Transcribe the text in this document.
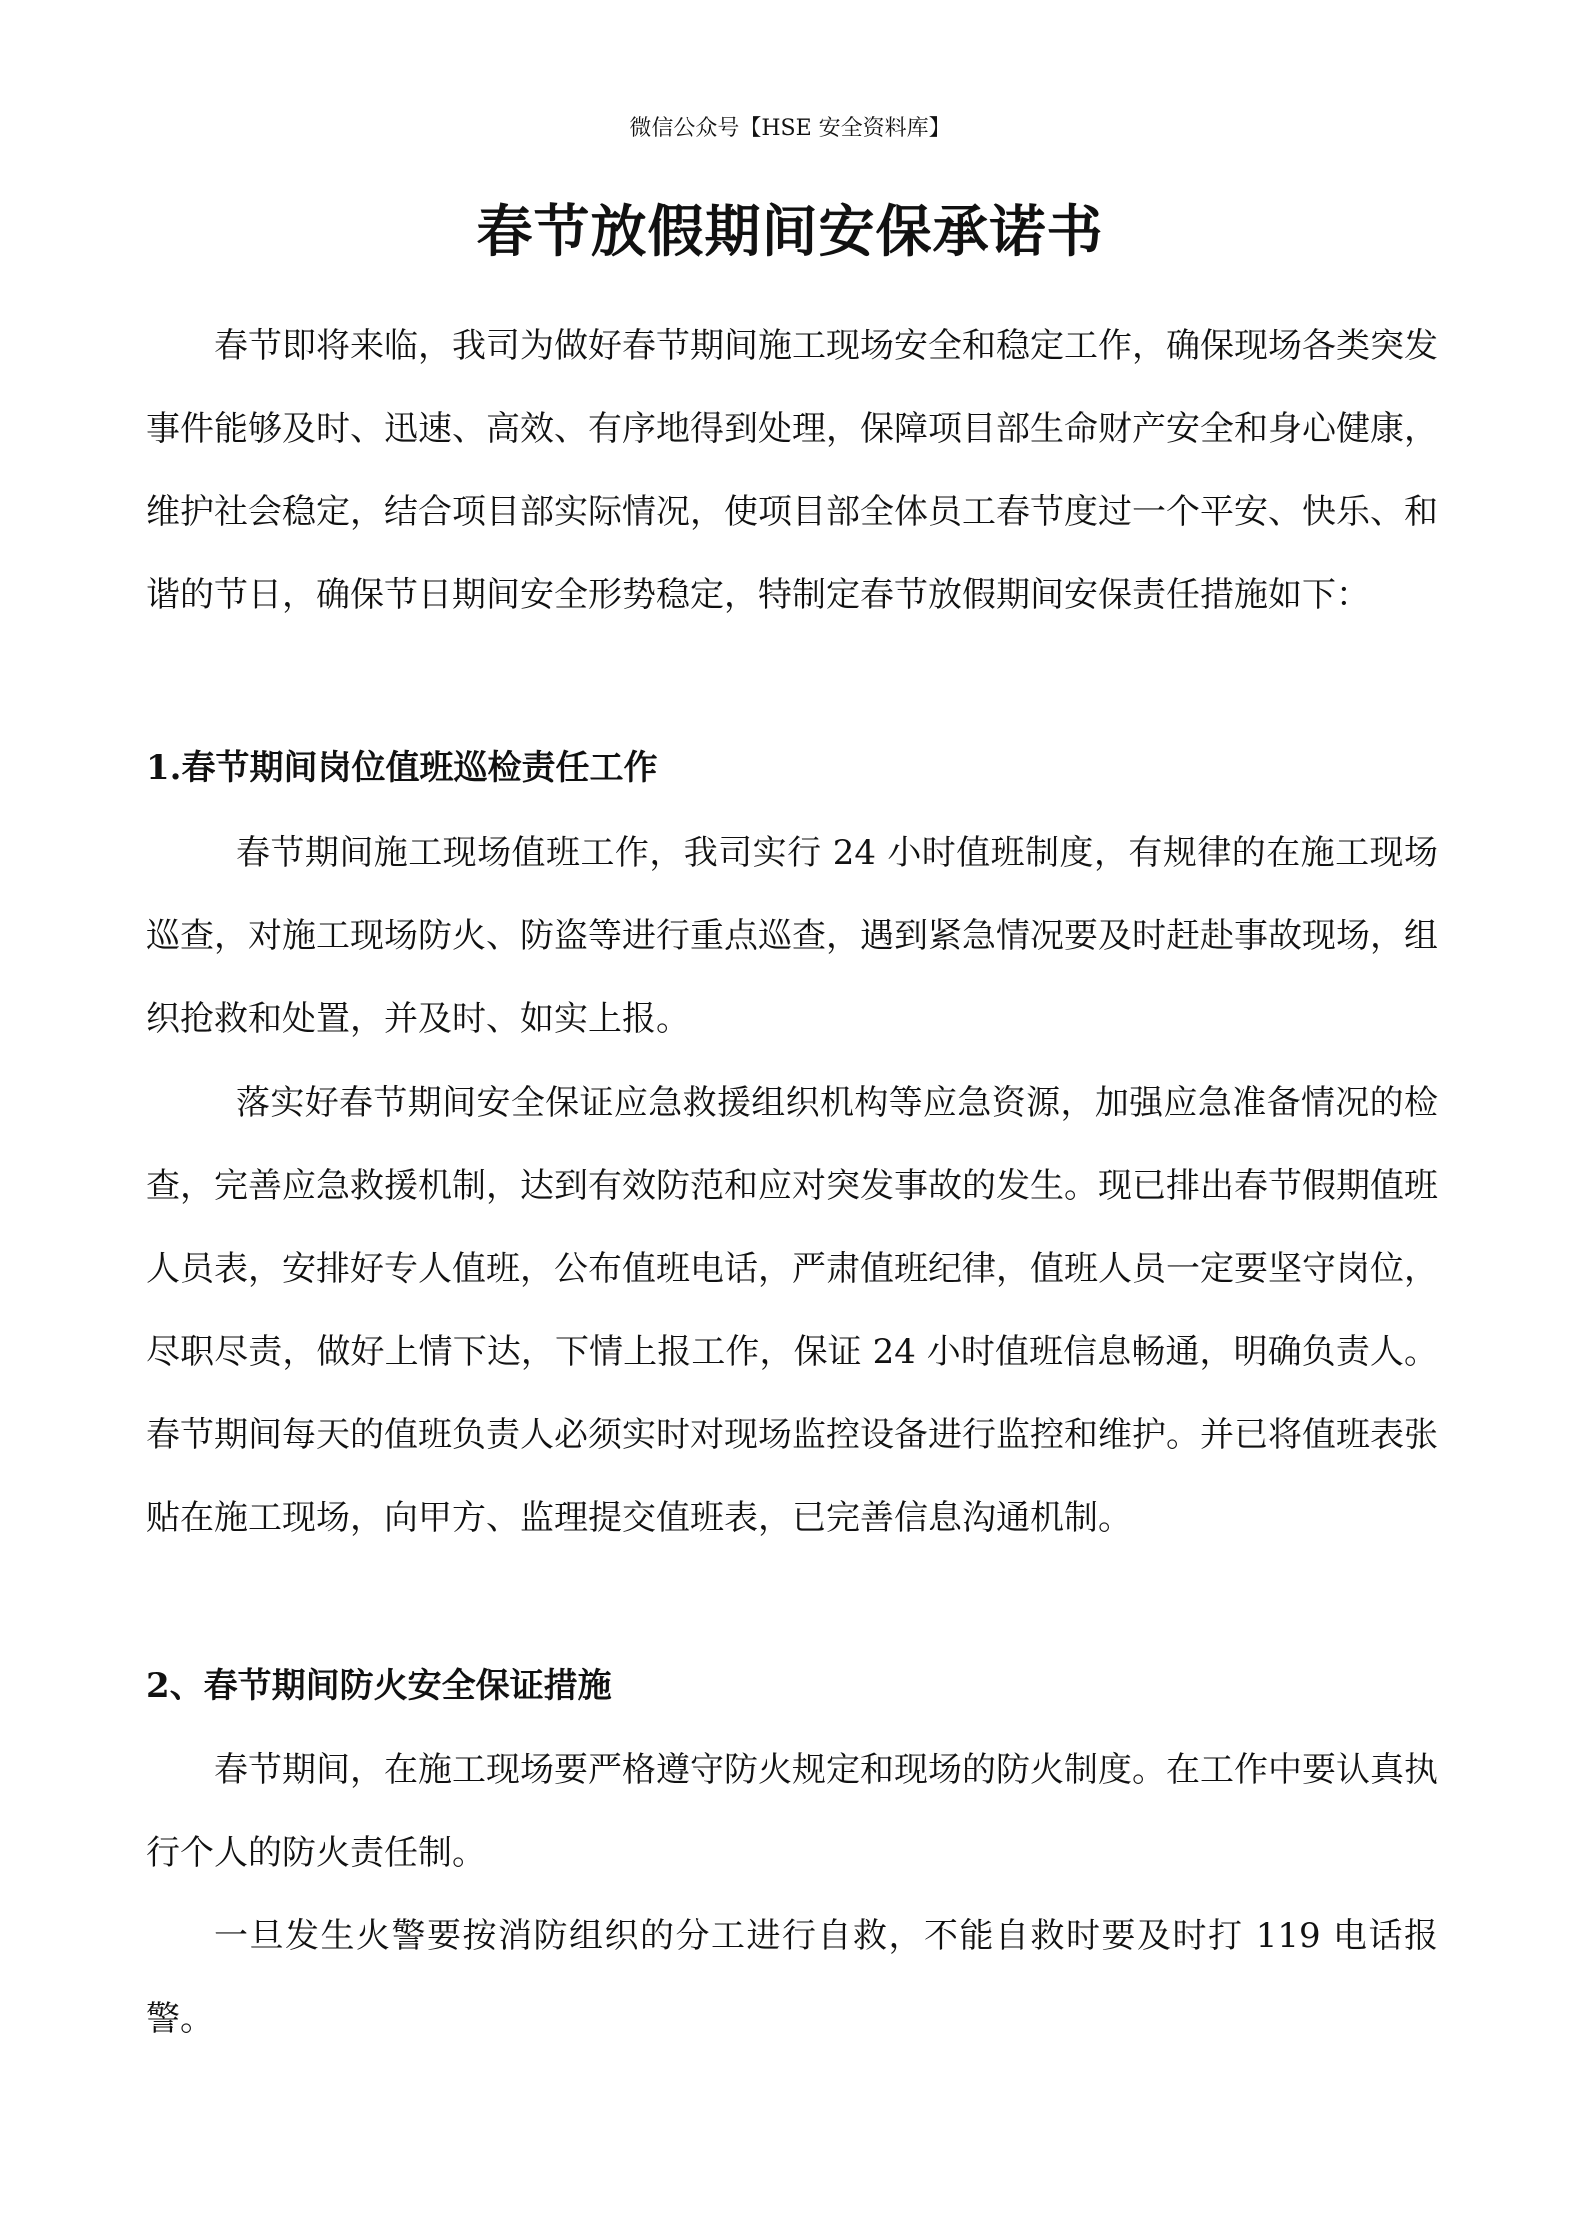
微信公众号【HSE 安全资料库】
春节放假期间安保承诺书

春节即将来临，我司为做好春节期间施工现场安全和稳定工作，确保现场各类突发事件能够及时、迅速、高效、有序地得到处理，保障项目部生命财产安全和身心健康，维护社会稳定，结合项目部实际情况，使项目部全体员工春节度过一个平安、快乐、和谐的节日，确保节日期间安全形势稳定，特制定春节放假期间安保责任措施如下：

1.春节期间岗位值班巡检责任工作

春节期间施工现场值班工作，我司实行 24 小时值班制度，有规律的在施工现场巡查，对施工现场防火、防盗等进行重点巡查，遇到紧急情况要及时赶赴事故现场，组织抢救和处置，并及时、如实上报。

落实好春节期间安全保证应急救援组织机构等应急资源，加强应急准备情况的检查，完善应急救援机制，达到有效防范和应对突发事故的发生。现已排出春节假期值班人员表，安排好专人值班，公布值班电话，严肃值班纪律，值班人员一定要坚守岗位，尽职尽责，做好上情下达，下情上报工作，保证 24 小时值班信息畅通，明确负责人。春节期间每天的值班负责人必须实时对现场监控设备进行监控和维护。并已将值班表张贴在施工现场，向甲方、监理提交值班表，已完善信息沟通机制。

2、春节期间防火安全保证措施

春节期间，在施工现场要严格遵守防火规定和现场的防火制度。在工作中要认真执行个人的防火责任制。

一旦发生火警要按消防组织的分工进行自救，不能自救时要及时打 119 电话报警。
